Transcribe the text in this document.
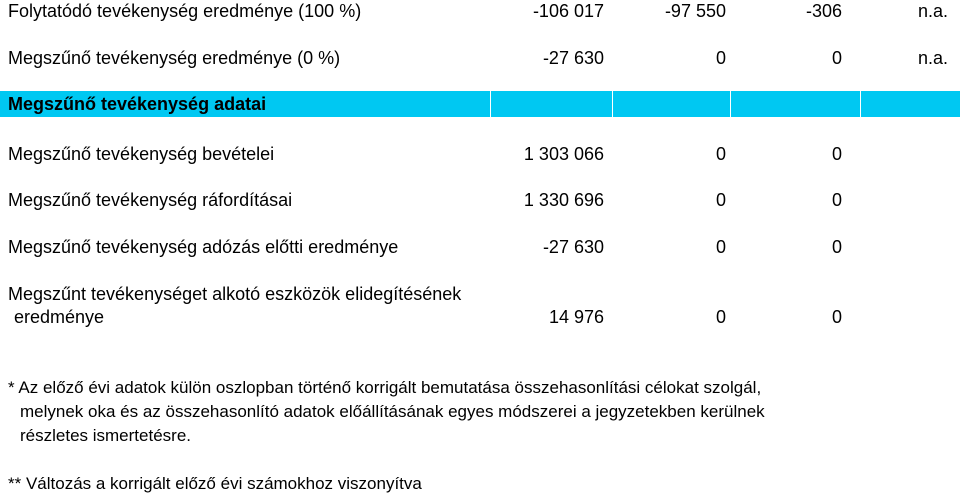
Folytatódó tevékenység eredménye (100 %)	-106 017	-97 550	-306	n.a.
Megszűnő tevékenység eredménye (0 %)	-27 630	0	0	n.a.
Megszűnő tevékenység adatai
Megszűnő tevékenység bevételei	1 303 066	0	0
Megszűnő tevékenység ráfordításai	1 330 696	0	0
Megszűnő tevékenység adózás előtti eredménye	-27 630	0	0
Megszűnt tevékenységet alkotó eszközök elidegítésének
eredménye	14 976	0	0
* Az előző évi adatok külön oszlopban történő korrigált bemutatása összehasonlítási célokat szolgál,
melynek oka és az összehasonlító adatok előállításának egyes módszerei a jegyzetekben kerülnek
részletes ismertetésre.
** Változás a korrigált előző évi számokhoz viszonyítva
